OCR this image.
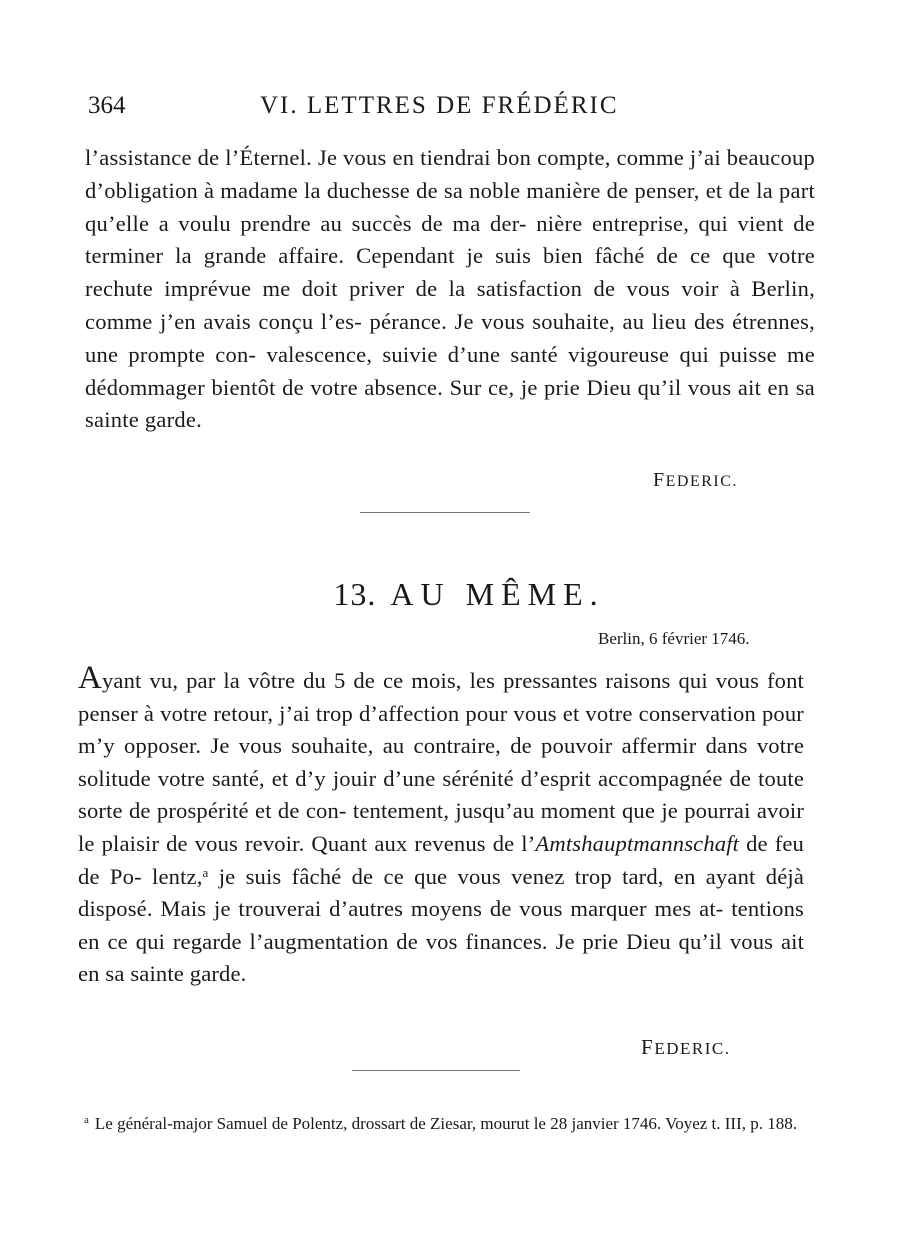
364	VI. LETTRES DE FRÉDÉRIC

l’assistance de l’Éternel. Je vous en tiendrai bon compte, comme j’ai beaucoup d’obligation à madame la duchesse de sa noble manière de penser, et de la part qu’elle a voulu prendre au succès de ma der- nière entreprise, qui vient de terminer la grande affaire. Cependant je suis bien fâché de ce que votre rechute imprévue me doit priver de la satisfaction de vous voir à Berlin, comme j’en avais conçu l’es- pérance. Je vous souhaite, au lieu des étrennes, une prompte con- valescence, suivie d’une santé vigoureuse qui puisse me dédommager bientôt de votre absence. Sur ce, je prie Dieu qu’il vous ait en sa sainte garde.

FEDERIC.
13. AU MÊME.
Berlin, 6 février 1746.

Ayant vu, par la vôtre du 5 de ce mois, les pressantes raisons qui vous font penser à votre retour, j’ai trop d’affection pour vous et votre conservation pour m’y opposer. Je vous souhaite, au contraire, de pouvoir affermir dans votre solitude votre santé, et d’y jouir d’une sérénité d’esprit accompagnée de toute sorte de prospérité et de con- tentement, jusqu’au moment que je pourrai avoir le plaisir de vous revoir. Quant aux revenus de l’Amtshauptmannschaft de feu de Po- lentz,$^a$ je suis fâché de ce que vous venez trop tard, en ayant déjà disposé. Mais je trouverai d’autres moyens de vous marquer mes at- tentions en ce qui regarde l’augmentation de vos finances. Je prie Dieu qu’il vous ait en sa sainte garde.

FEDERIC.

$^a$ Le général-major Samuel de Polentz, drossart de Ziesar, mourut le 28 janvier 1746. Voyez t. III, p. 188.
